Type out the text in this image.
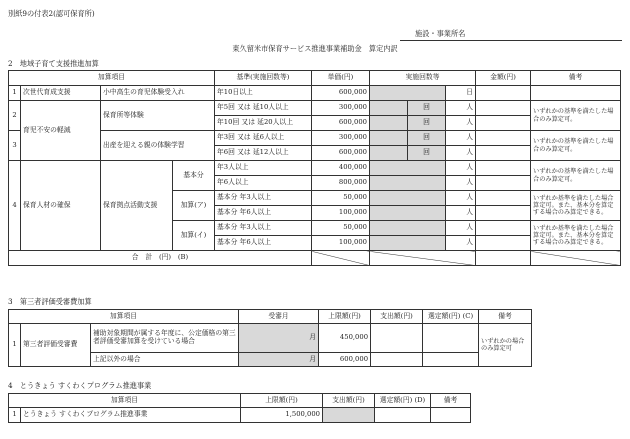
別紙9の付表2(認可保育所)
施設・事業所名
東久留米市保育サービス推進事業補助金　算定内訳
2　地域子育て支援推進加算
加算項目				基準(実施回数等)	単価(円)	実施回数等			金額(円)	備考
1	次世代育成支援	小中高生の育児体験受入れ		年10日以上	600,000			日		
2	育児不安の軽減	保育所等体験		年5回 又は 延10人以上	300,000		回	人		いずれかの基準を満たした場合のみ算定可。
				年10回 又は 延20人以上	600,000		回	人		
3		出産を迎える親の体験学習		年3回 又は 延6人以上	300,000		回	人		いずれかの基準を満たした場合のみ算定可。
				年6回 又は 延12人以上	600,000		回	人		
4	保育人材の確保	保育拠点活動支援	基本分	年3人以上	400,000			人		いずれかの基準を満たした場合のみ算定可。
				年6人以上	800,000			人		
			加算(ア)	基本分 年3人以上	50,000			人		いずれか基準を満たした場合算定可。また、基本分を算定する場合のみ算定できる。
				基本分 年6人以上	100,000			人		
			加算(イ)	基本分 年3人以上	50,000			人		いずれか基準を満たした場合算定可。また、基本分を算定する場合のみ算定できる。
				基本分 年6人以上	100,000			人		
合　計　(円)　(B)										
3　第三者評価受審費加算
加算項目			受審月	上限額(円)	支出額(円)	選定額(円) (C)	備考
1	第三者評価受審費	補助対象期間が属する年度に、公定価格の第三者評価受審加算を受けている場合	月	450,000			いずれかの場合のみ算定可
		上記以外の場合	月	600,000			
4　とうきょう すくわくプログラム推進事業
加算項目		上限額(円)	支出額(円)	選定額(円) (D)	備考
1	とうきょう すくわくプログラム推進事業	1,500,000			
